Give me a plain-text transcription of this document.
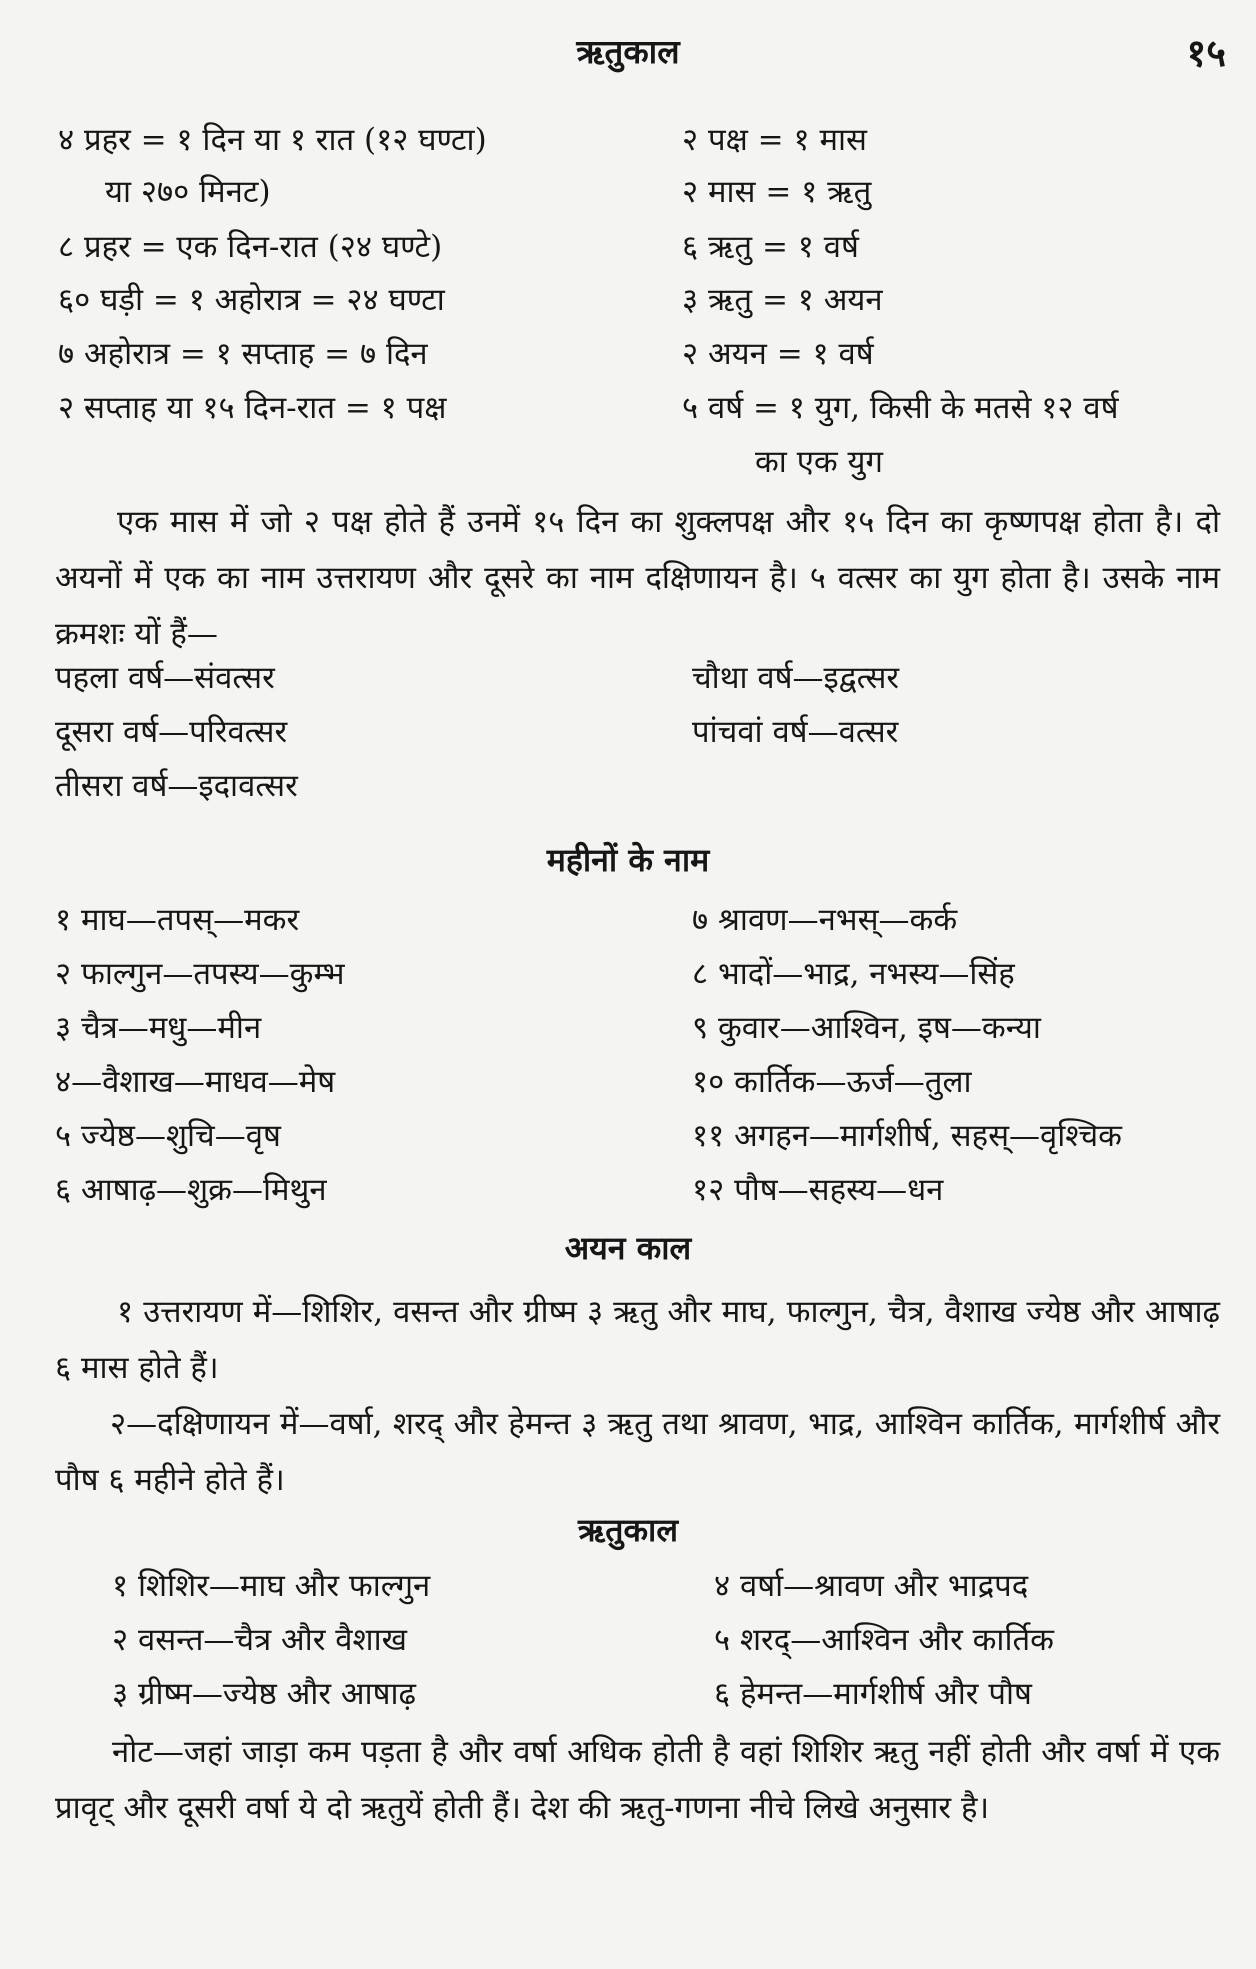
ऋतुकाल	१५
४ प्रहर = १ दिन या १ रात (१२ घण्टा)
या २७० मिनट)
८ प्रहर = एक दिन-रात (२४ घण्टे)
६० घड़ी = १ अहोरात्र = २४ घण्टा
७ अहोरात्र = १ सप्ताह = ७ दिन
२ सप्ताह या १५ दिन-रात = १ पक्ष
२ पक्ष = १ मास
२ मास = १ ऋतु
६ ऋतु = १ वर्ष
३ ऋतु = १ अयन
२ अयन = १ वर्ष
५ वर्ष = १ युग, किसी के मतसे १२ वर्ष
का एक युग
एक मास में जो २ पक्ष होते हैं उनमें १५ दिन का शुक्लपक्ष और १५ दिन का कृष्णपक्ष होता है। दो अयनों में एक का नाम उत्तरायण और दूसरे का नाम दक्षिणायन है। ५ वत्सर का युग होता है। उसके नाम क्रमशः यों हैं—
पहला वर्ष—संवत्सर
दूसरा वर्ष—परिवत्सर
तीसरा वर्ष—इदावत्सर
चौथा वर्ष—इद्वत्सर
पांचवां वर्ष—वत्सर
महीनों के नाम
१ माघ—तपस्—मकर
२ फाल्गुन—तपस्य—कुम्भ
३ चैत्र—मधु—मीन
४—वैशाख—माधव—मेष
५ ज्येष्ठ—शुचि—वृष
६ आषाढ़—शुक्र—मिथुन
७ श्रावण—नभस्—कर्क
८ भादों—भाद्र, नभस्य—सिंह
९ कुवार—आश्विन, इष—कन्या
१० कार्तिक—ऊर्ज—तुला
११ अगहन—मार्गशीर्ष, सहस्—वृश्चिक
१२ पौष—सहस्य—धन
अयन काल
१ उत्तरायण में—शिशिर, वसन्त और ग्रीष्म ३ ऋतु और माघ, फाल्गुन, चैत्र, वैशाख ज्येष्ठ और आषाढ़ ६ मास होते हैं।
२—दक्षिणायन में—वर्षा, शरद् और हेमन्त ३ ऋतु तथा श्रावण, भाद्र, आश्विन कार्तिक, मार्गशीर्ष और पौष ६ महीने होते हैं।
ऋतुकाल
१ शिशिर—माघ और फाल्गुन
२ वसन्त—चैत्र और वैशाख
३ ग्रीष्म—ज्येष्ठ और आषाढ़
४ वर्षा—श्रावण और भाद्रपद
५ शरद्—आश्विन और कार्तिक
६ हेमन्त—मार्गशीर्ष और पौष
नोट—जहां जाड़ा कम पड़ता है और वर्षा अधिक होती है वहां शिशिर ऋतु नहीं होती और वर्षा में एक प्रावृट् और दूसरी वर्षा ये दो ऋतुयें होती हैं। देश की ऋतु-गणना नीचे लिखे अनुसार है।
